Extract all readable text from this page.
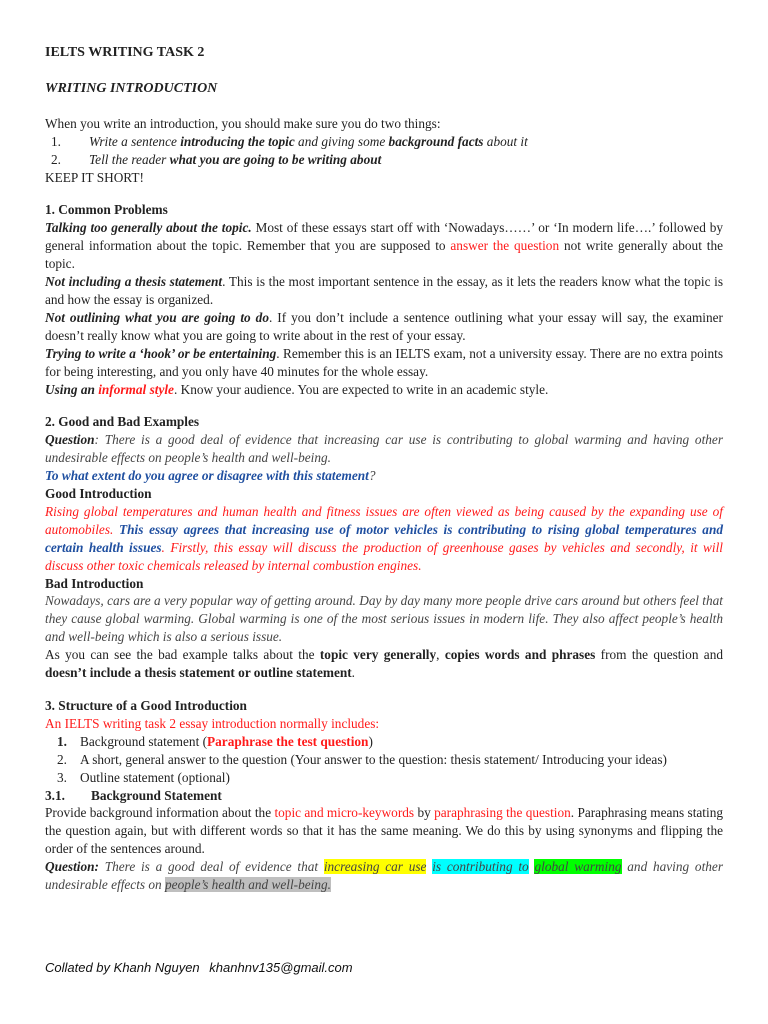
IELTS WRITING TASK 2

WRITING INTRODUCTION

When you write an introduction, you should make sure you do two things:

1. Write a sentence introducing the topic and giving some background facts about it
2. Tell the reader what you are going to be writing about

KEEP IT SHORT!

1. Common Problems

Talking too generally about the topic. Most of these essays start off with ‘Nowadays……’ or ‘In modern life….’ followed by general information about the topic. Remember that you are supposed to answer the question not write generally about the topic.

Not including a thesis statement. This is the most important sentence in the essay, as it lets the readers know what the topic is and how the essay is organized.

Not outlining what you are going to do. If you don’t include a sentence outlining what your essay will say, the examiner doesn’t really know what you are going to write about in the rest of your essay.

Trying to write a ‘hook’ or be entertaining. Remember this is an IELTS exam, not a university essay. There are no extra points for being interesting, and you only have 40 minutes for the whole essay.

Using an informal style. Know your audience. You are expected to write in an academic style.

2. Good and Bad Examples

Question: There is a good deal of evidence that increasing car use is contributing to global warming and having other undesirable effects on people’s health and well-being.

To what extent do you agree or disagree with this statement?

Good Introduction

Rising global temperatures and human health and fitness issues are often viewed as being caused by the expanding use of automobiles. This essay agrees that increasing use of motor vehicles is contributing to rising global temperatures and certain health issues. Firstly, this essay will discuss the production of greenhouse gases by vehicles and secondly, it will discuss other toxic chemicals released by internal combustion engines.

Bad Introduction

Nowadays, cars are a very popular way of getting around. Day by day many more people drive cars around but others feel that they cause global warming. Global warming is one of the most serious issues in modern life. They also affect people’s health and well-being which is also a serious issue.

As you can see the bad example talks about the topic very generally, copies words and phrases from the question and doesn’t include a thesis statement or outline statement.

3. Structure of a Good Introduction

An IELTS writing task 2 essay introduction normally includes:

1. Background statement (Paraphrase the test question)
2. A short, general answer to the question (Your answer to the question: thesis statement/ Introducing your ideas)
3. Outline statement (optional)

3.1. Background Statement

Provide background information about the topic and micro-keywords by paraphrasing the question. Paraphrasing means stating the question again, but with different words so that it has the same meaning. We do this by using synonyms and flipping the order of the sentences around.

Question: There is a good deal of evidence that increasing car use is contributing to global warming and having other undesirable effects on people’s health and well-being.

Collated by Khanh Nguyen khanhnv135@gmail.com
